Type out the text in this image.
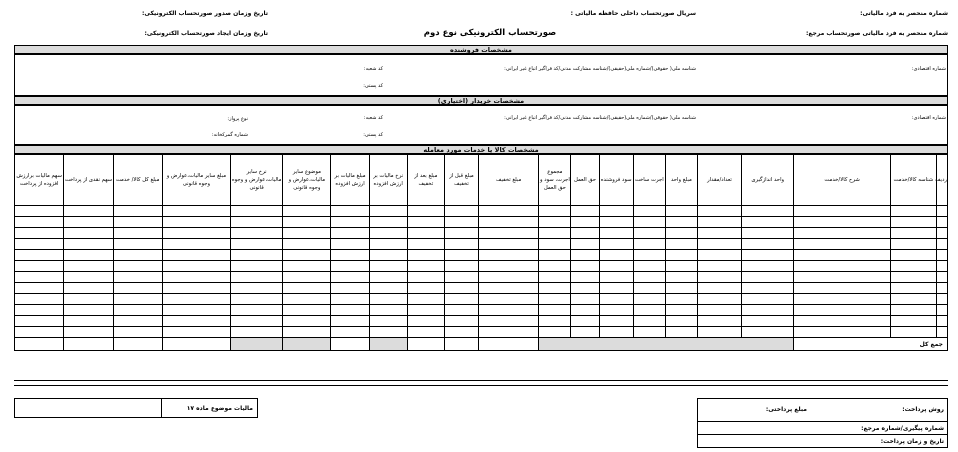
شماره منحصر به فرد مالیاتی:
سریال صورتحساب داخلی حافظه مالیاتی :
تاریخ وزمان صدور صورتحساب الکترونیکی:
صورتحساب الکترونیکی نوع دوم	شماره منحصر به فرد مالیاتی صورتحساب مرجع:
تاریخ وزمان ایجاد صورتحساب الکترونیکی:
مشخصات فروشنده
شماره اقتصادی:
شناسه ملی( حقوقی)/شماره ملی(حقیقی)/شناسه مشارکت مدنی/کد فراگیر اتباع غیر ایرانی:
کد شعبه:
کد پستی:
مشخصات خریدار (اختیاری)
شماره اقتصادی:
شناسه ملی( حقوقی)/شماره ملی(حقیقی)/شناسه مشارکت مدنی/کد فراگیر اتباع غیر ایرانی:
کد شعبه:
نوع پرواز:
کد پستی:
شماره گمرکخانه:
مشخصات کالا یا خدمات مورد معامله
ردیف	شناسه کالا/خدمت	شرح کالا/خدمت	واحد اندازگیری	تعداد/مقدار	مبلغ واحد	اجرت ساخت	سود فروشنده	حق العمل	مجموع اجرت، سود و حق العمل	مبلغ تخفیف	مبلغ قبل از تخفیف	مبلغ بعد از تخفیف	نرخ مالیات بر ارزش افزوده	مبلغ مالیات بر ارزش افزوده	موضوع سایر مالیات،عوارض و وجوه قانونی	نرخ سایر مالیات،عوارض و وجوه قانونی	مبلغ سایر مالیات،عوارض و وجوه قانونی	مبلغ کل کالا/ خدمت	سهم نقدی از پرداخت	سهم مالیات برارزش افزوده از پرداخت

جمع کل																				
مالیات موضوع ماده ۱۷	روش پرداخت:
مبلغ پرداختی:
شماره پیگیری/شماره مرجع:
تاریخ و زمان پرداخت:
